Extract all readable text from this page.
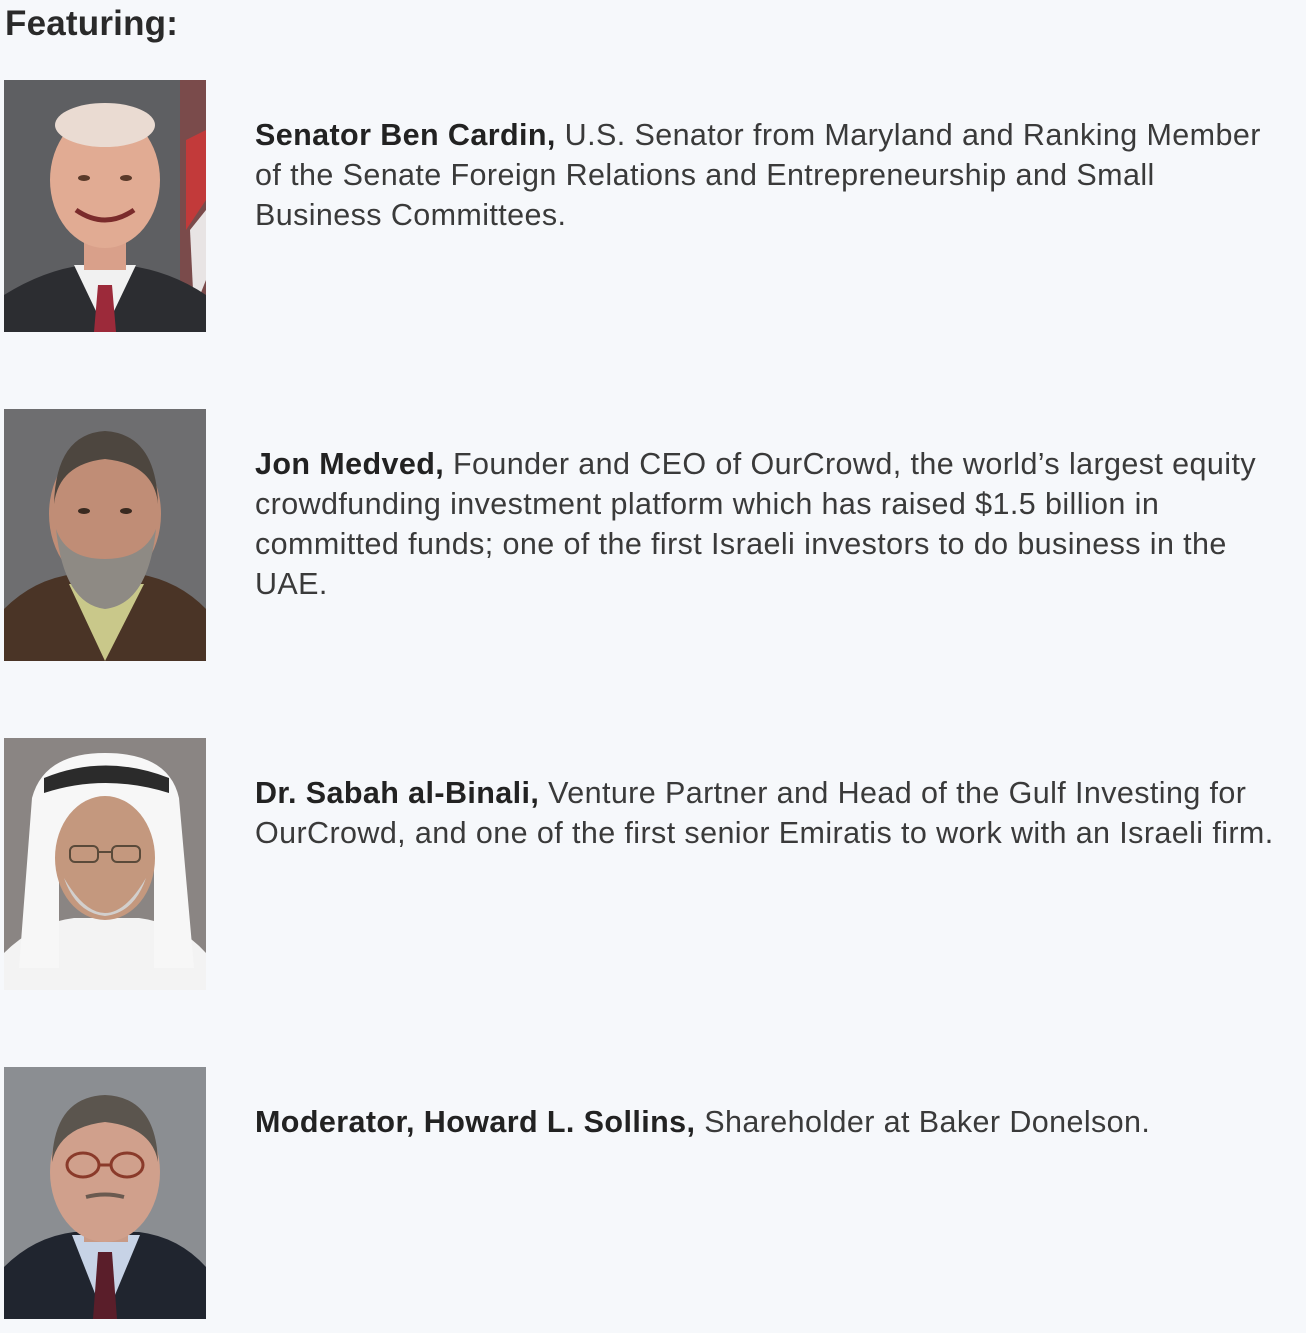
Featuring:
Senator Ben Cardin, U.S. Senator from Maryland and Ranking Member of the Senate Foreign Relations and Entrepreneurship and Small Business Committees.
Jon Medved, Founder and CEO of OurCrowd, the world’s largest equity crowdfunding investment platform which has raised $1.5 billion in committed funds; one of the first Israeli investors to do business in the UAE.
Dr. Sabah al-Binali, Venture Partner and Head of the Gulf Investing for OurCrowd, and one of the first senior Emiratis to work with an Israeli firm.
Moderator, Howard L. Sollins, Shareholder at Baker Donelson.
